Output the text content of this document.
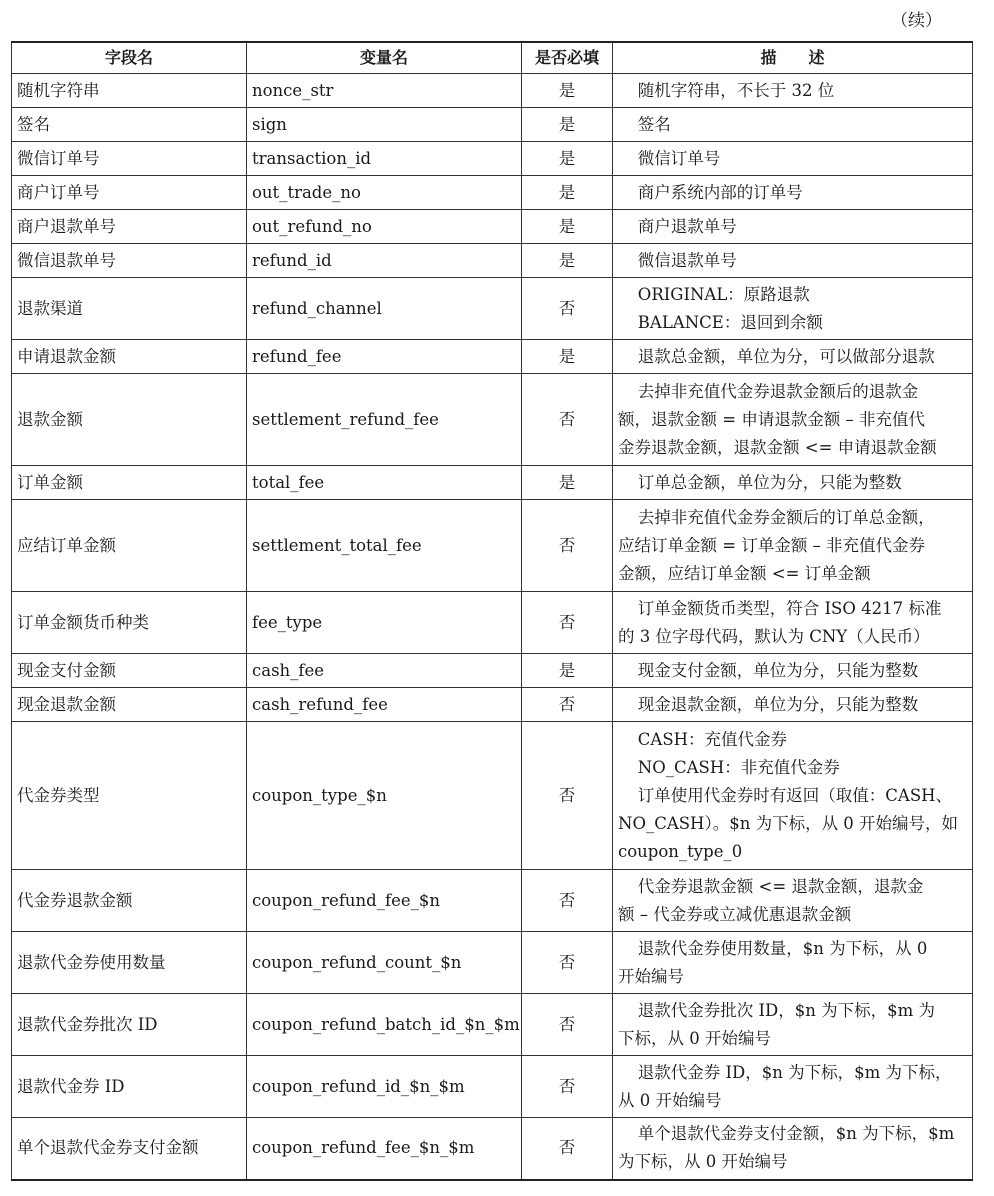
（续）
字段名	变量名	是否必填	描　　述
随机字符串	nonce_str	是	随机字符串，不长于 32 位

签名	sign	是	签名

微信订单号	transaction_id	是	微信订单号

商户订单号	out_trade_no	是	商户系统内部的订单号

商户退款单号	out_refund_no	是	商户退款单号

微信退款单号	refund_id	是	微信退款单号

退款渠道	refund_channel	否	ORIGINAL：原路退款
BALANCE：退回到余额

申请退款金额	refund_fee	是	退款总金额，单位为分，可以做部分退款

退款金额	settlement_refund_fee	否	去掉非充值代金券退款金额后的退款金
额，退款金额 = 申请退款金额 – 非充值代
金券退款金额，退款金额 <= 申请退款金额

订单金额	total_fee	是	订单总金额，单位为分，只能为整数

应结订单金额	settlement_total_fee	否	去掉非充值代金券金额后的订单总金额，
应结订单金额 = 订单金额 – 非充值代金券
金额，应结订单金额 <= 订单金额

订单金额货币种类	fee_type	否	订单金额货币类型，符合 ISO 4217 标准
的 3 位字母代码，默认为 CNY（人民币）

现金支付金额	cash_fee	是	现金支付金额，单位为分，只能为整数

现金退款金额	cash_refund_fee	否	现金退款金额，单位为分，只能为整数

代金券类型	coupon_type_$n	否	CASH：充值代金券
NO_CASH：非充值代金券
订单使用代金券时有返回（取值：CASH、
NO_CASH）。$n 为下标，从 0 开始编号，如
coupon_type_0

代金券退款金额	coupon_refund_fee_$n	否	代金券退款金额 <= 退款金额，退款金
额 – 代金券或立减优惠退款金额

退款代金券使用数量	coupon_refund_count_$n	否	退款代金券使用数量，$n 为下标，从 0
开始编号

退款代金券批次 ID	coupon_refund_batch_id_$n_$m	否	退款代金券批次 ID，$n 为下标，$m 为
下标，从 0 开始编号

退款代金券 ID	coupon_refund_id_$n_$m	否	退款代金券 ID，$n 为下标，$m 为下标，
从 0 开始编号

单个退款代金券支付金额	coupon_refund_fee_$n_$m	否	单个退款代金券支付金额，$n 为下标，$m
为下标，从 0 开始编号
